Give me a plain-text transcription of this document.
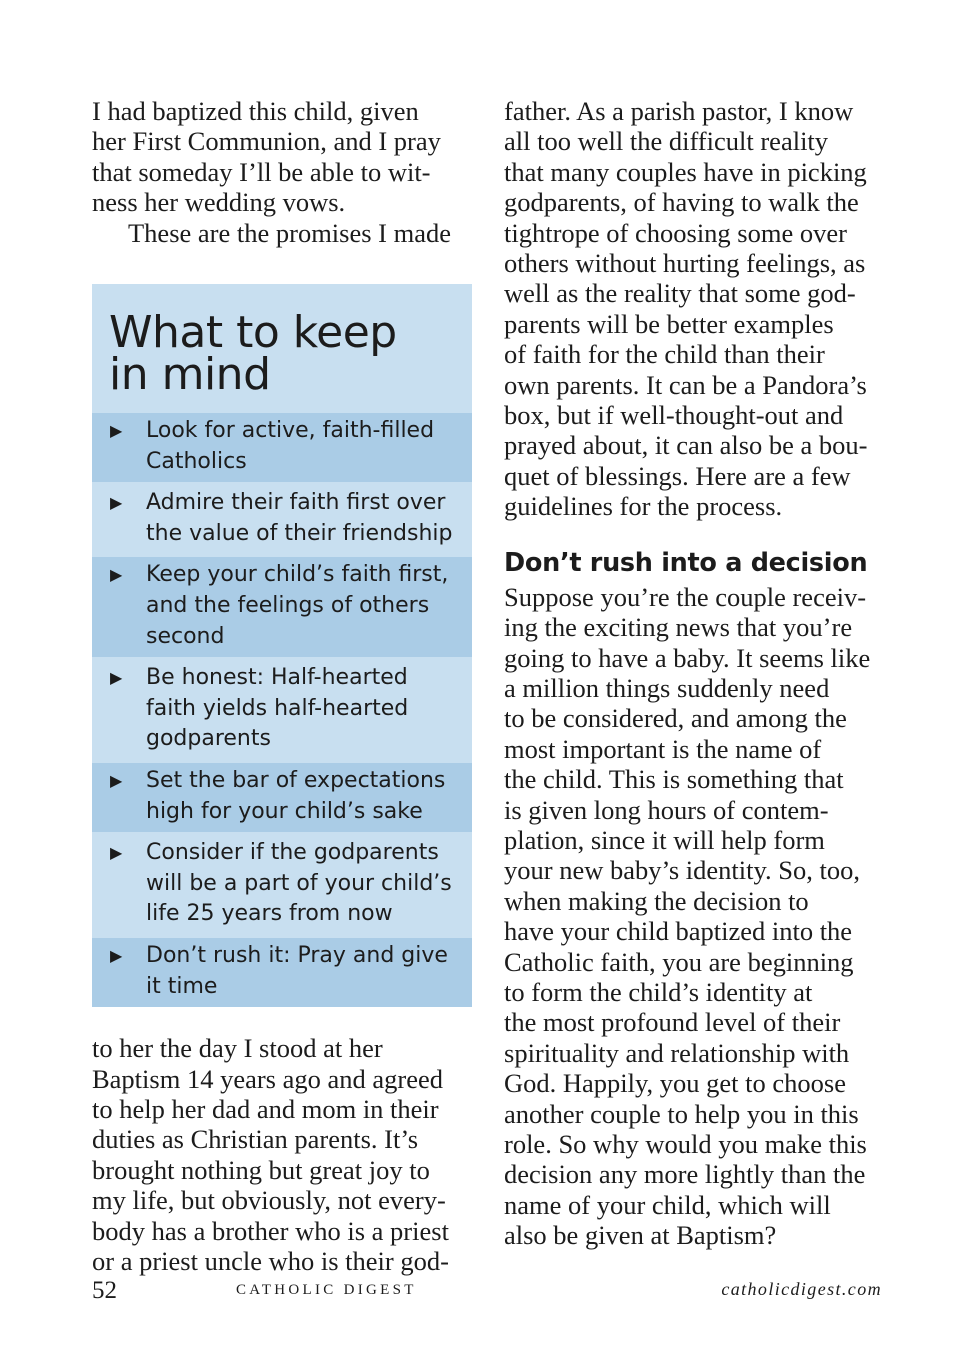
I had baptized this child, given
her First Communion, and I pray
that someday I’ll be able to wit-
ness her wedding vows.
These are the promises I made
What to keep
in mind
▶	Look for active, faith-filled
Catholics
▶	Admire their faith first over
the value of their friendship
▶	Keep your child’s faith first,
and the feelings of others
second
▶	Be honest: Half-hearted
faith yields half-hearted
godparents
▶	Set the bar of expectations
high for your child’s sake
▶	Consider if the godparents
will be a part of your child’s
life 25 years from now
▶	Don’t rush it: Pray and give
it time
to her the day I stood at her
Baptism 14 years ago and agreed
to help her dad and mom in their
duties as Christian parents. It’s
brought nothing but great joy to
my life, but obviously, not every-
body has a brother who is a priest
or a priest uncle who is their god-
father. As a parish pastor, I know
all too well the difficult reality
that many couples have in picking
godparents, of having to walk the
tightrope of choosing some over
others without hurting feelings, as
well as the reality that some god-
parents will be better examples
of faith for the child than their
own parents. It can be a Pandora’s
box, but if well-thought-out and
prayed about, it can also be a bou-
quet of blessings. Here are a few
guidelines for the process.
Don’t rush into a decision
Suppose you’re the couple receiv-
ing the exciting news that you’re
going to have a baby. It seems like
a million things suddenly need
to be considered, and among the
most important is the name of
the child. This is something that
is given long hours of contem-
plation, since it will help form
your new baby’s identity. So, too,
when making the decision to
have your child baptized into the
Catholic faith, you are beginning
to form the child’s identity at
the most profound level of their
spirituality and relationship with
God. Happily, you get to choose
another couple to help you in this
role. So why would you make this
decision any more lightly than the
name of your child, which will
also be given at Baptism?
52	CATHOLIC DIGEST	catholicdigest.com
